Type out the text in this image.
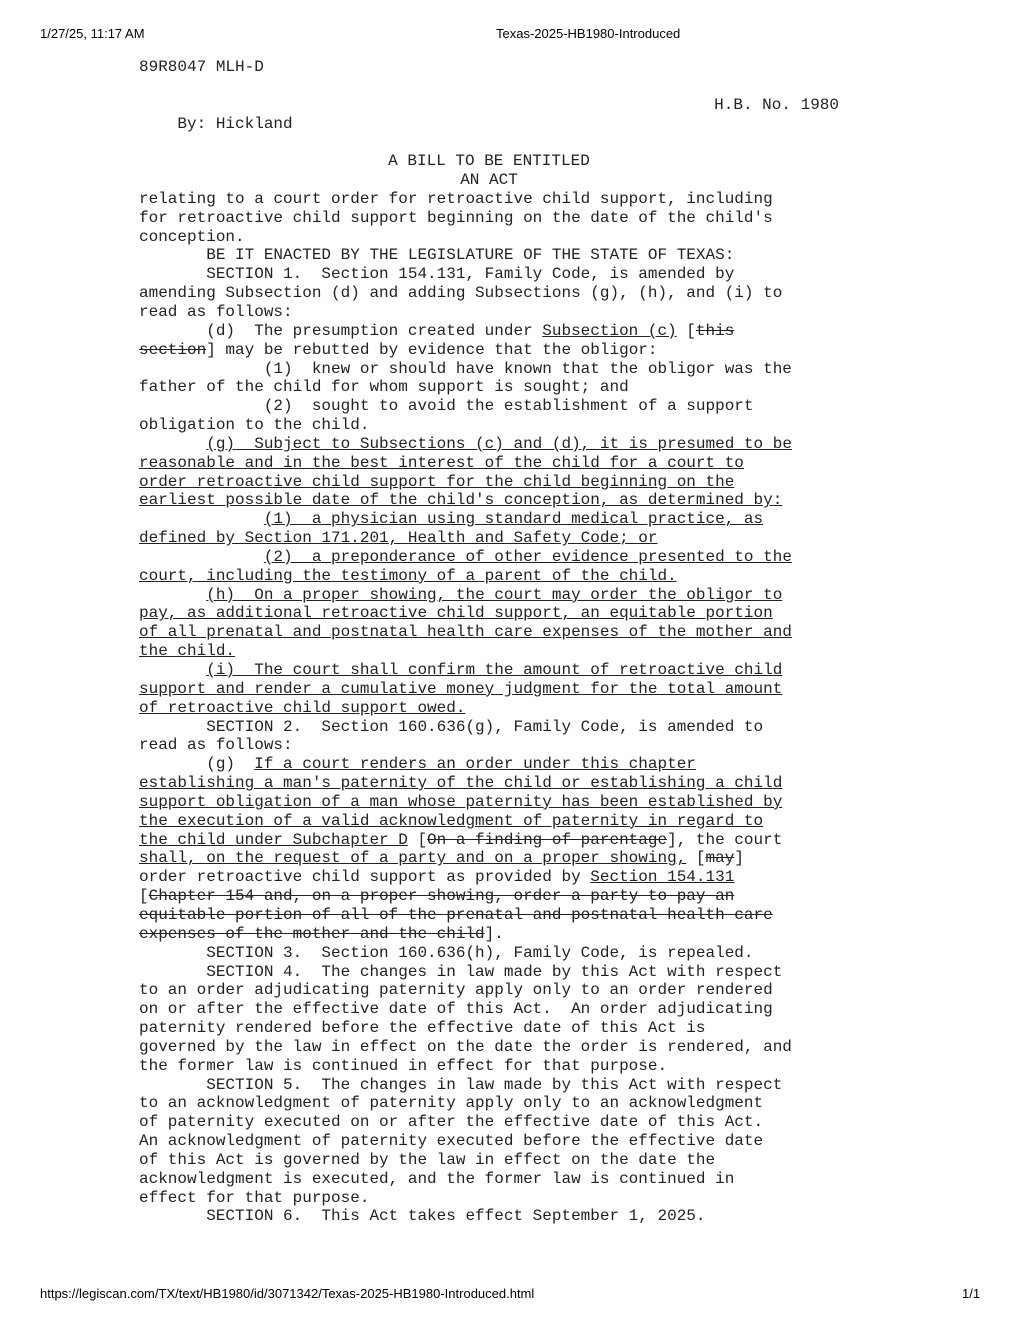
1/27/25, 11:17 AM	Texas-2025-HB1980-Introduced
89R8047 MLH-D

By: Hickland

H.B. No. 1980

A BILL TO BE ENTITLED
AN ACT
relating to a court order for retroactive child support, including
for retroactive child support beginning on the date of the child's
conception.
BE IT ENACTED BY THE LEGISLATURE OF THE STATE OF TEXAS:
SECTION 1.  Section 154.131, Family Code, is amended by
amending Subsection (d) and adding Subsections (g), (h), and (i) to
read as follows:
(d)  The presumption created under Subsection (c) [this
section] may be rebutted by evidence that the obligor:
(1)  knew or should have known that the obligor was the
father of the child for whom support is sought; and
(2)  sought to avoid the establishment of a support
obligation to the child.
(g)  Subject to Subsections (c) and (d), it is presumed to be
reasonable and in the best interest of the child for a court to
order retroactive child support for the child beginning on the
earliest possible date of the child's conception, as determined by:
(1)  a physician using standard medical practice, as
defined by Section 171.201, Health and Safety Code; or
(2)  a preponderance of other evidence presented to the
court, including the testimony of a parent of the child.
(h)  On a proper showing, the court may order the obligor to
pay, as additional retroactive child support, an equitable portion
of all prenatal and postnatal health care expenses of the mother and
the child.
(i)  The court shall confirm the amount of retroactive child
support and render a cumulative money judgment for the total amount
of retroactive child support owed.
SECTION 2.  Section 160.636(g), Family Code, is amended to
read as follows:
(g)  If a court renders an order under this chapter
establishing a man's paternity of the child or establishing a child
support obligation of a man whose paternity has been established by
the execution of a valid acknowledgment of paternity in regard to
the child under Subchapter D [On a finding of parentage], the court
shall, on the request of a party and on a proper showing, [may]
order retroactive child support as provided by Section 154.131
[Chapter 154 and, on a proper showing, order a party to pay an
equitable portion of all of the prenatal and postnatal health care
expenses of the mother and the child].
SECTION 3.  Section 160.636(h), Family Code, is repealed.
SECTION 4.  The changes in law made by this Act with respect
to an order adjudicating paternity apply only to an order rendered
on or after the effective date of this Act.  An order adjudicating
paternity rendered before the effective date of this Act is
governed by the law in effect on the date the order is rendered, and
the former law is continued in effect for that purpose.
SECTION 5.  The changes in law made by this Act with respect
to an acknowledgment of paternity apply only to an acknowledgment
of paternity executed on or after the effective date of this Act.
An acknowledgment of paternity executed before the effective date
of this Act is governed by the law in effect on the date the
acknowledgment is executed, and the former law is continued in
effect for that purpose.
SECTION 6.  This Act takes effect September 1, 2025.
https://legiscan.com/TX/text/HB1980/id/3071342/Texas-2025-HB1980-Introduced.html	1/1
